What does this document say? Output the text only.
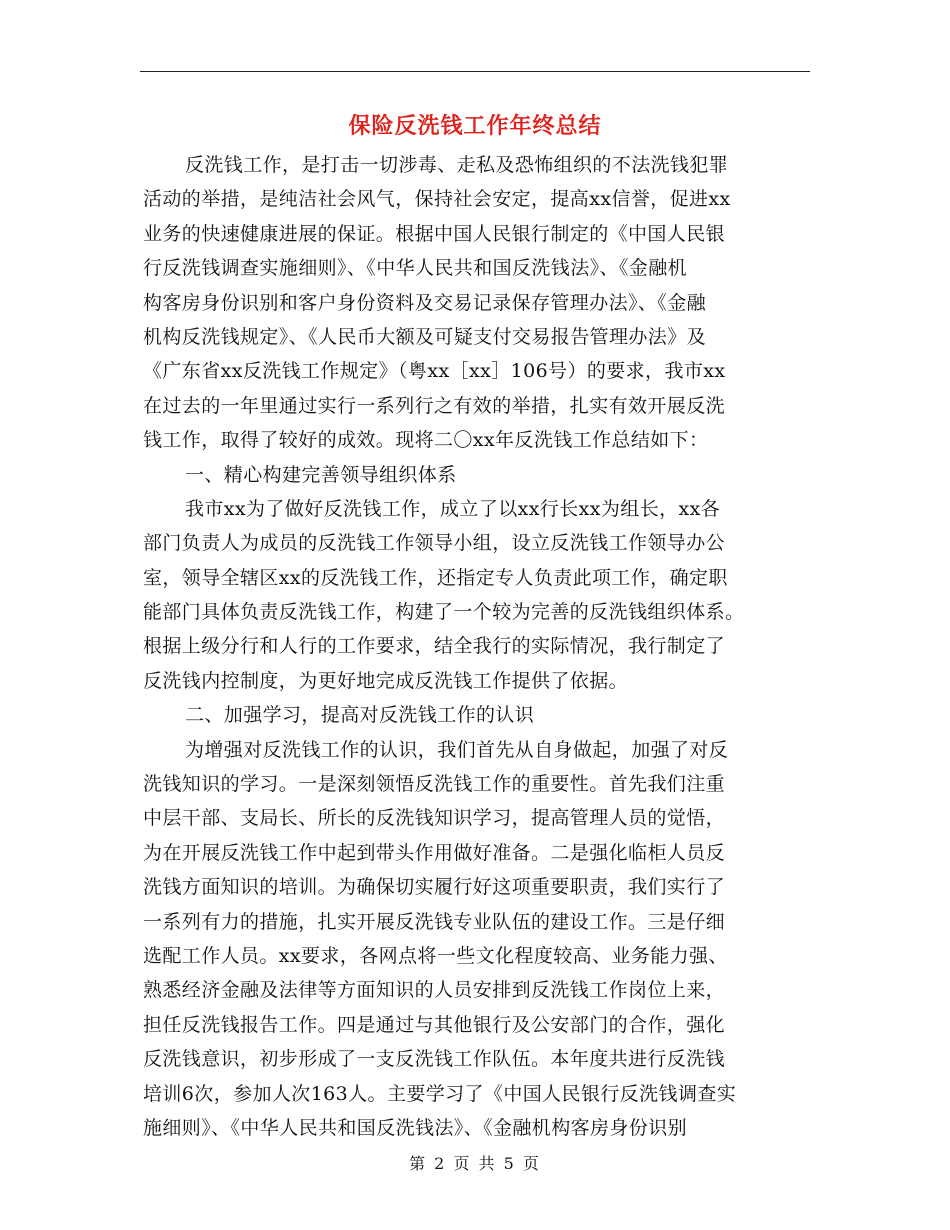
保险反洗钱工作年终总结
反洗钱工作，是打击一切涉毒、走私及恐怖组织的不法洗钱犯罪
活动的举措，是纯洁社会风气，保持社会安定，提高xx信誉，促进xx
业务的快速健康进展的保证。根据中国人民银行制定的《中国人民银
行反洗钱调查实施细则》、《中华人民共和国反洗钱法》、《金融机
构客房身份识别和客户身份资料及交易记录保存管理办法》、《金融
机构反洗钱规定》、《人民币大额及可疑支付交易报告管理办法》及
《广东省xx反洗钱工作规定》（粤xx［xx］106号）的要求，我市xx
在过去的一年里通过实行一系列行之有效的举措，扎实有效开展反洗
钱工作，取得了较好的成效。现将二〇xx年反洗钱工作总结如下：
一、精心构建完善领导组织体系
我市xx为了做好反洗钱工作，成立了以xx行长xx为组长，xx各
部门负责人为成员的反洗钱工作领导小组，设立反洗钱工作领导办公
室，领导全辖区xx的反洗钱工作，还指定专人负责此项工作，确定职
能部门具体负责反洗钱工作，构建了一个较为完善的反洗钱组织体系。
根据上级分行和人行的工作要求，结全我行的实际情况，我行制定了
反洗钱内控制度，为更好地完成反洗钱工作提供了依据。
二、加强学习，提高对反洗钱工作的认识
为增强对反洗钱工作的认识，我们首先从自身做起，加强了对反
洗钱知识的学习。一是深刻领悟反洗钱工作的重要性。首先我们注重
中层干部、支局长、所长的反洗钱知识学习，提高管理人员的觉悟，
为在开展反洗钱工作中起到带头作用做好准备。二是强化临柜人员反
洗钱方面知识的培训。为确保切实履行好这项重要职责，我们实行了
一系列有力的措施，扎实开展反洗钱专业队伍的建设工作。三是仔细
选配工作人员。xx要求，各网点将一些文化程度较高、业务能力强、
熟悉经济金融及法律等方面知识的人员安排到反洗钱工作岗位上来，
担任反洗钱报告工作。四是通过与其他银行及公安部门的合作，强化
反洗钱意识，初步形成了一支反洗钱工作队伍。本年度共进行反洗钱
培训6次，参加人次163人。主要学习了《中国人民银行反洗钱调查实
施细则》、《中华人民共和国反洗钱法》、《金融机构客房身份识别
第 2 页 共 5 页
